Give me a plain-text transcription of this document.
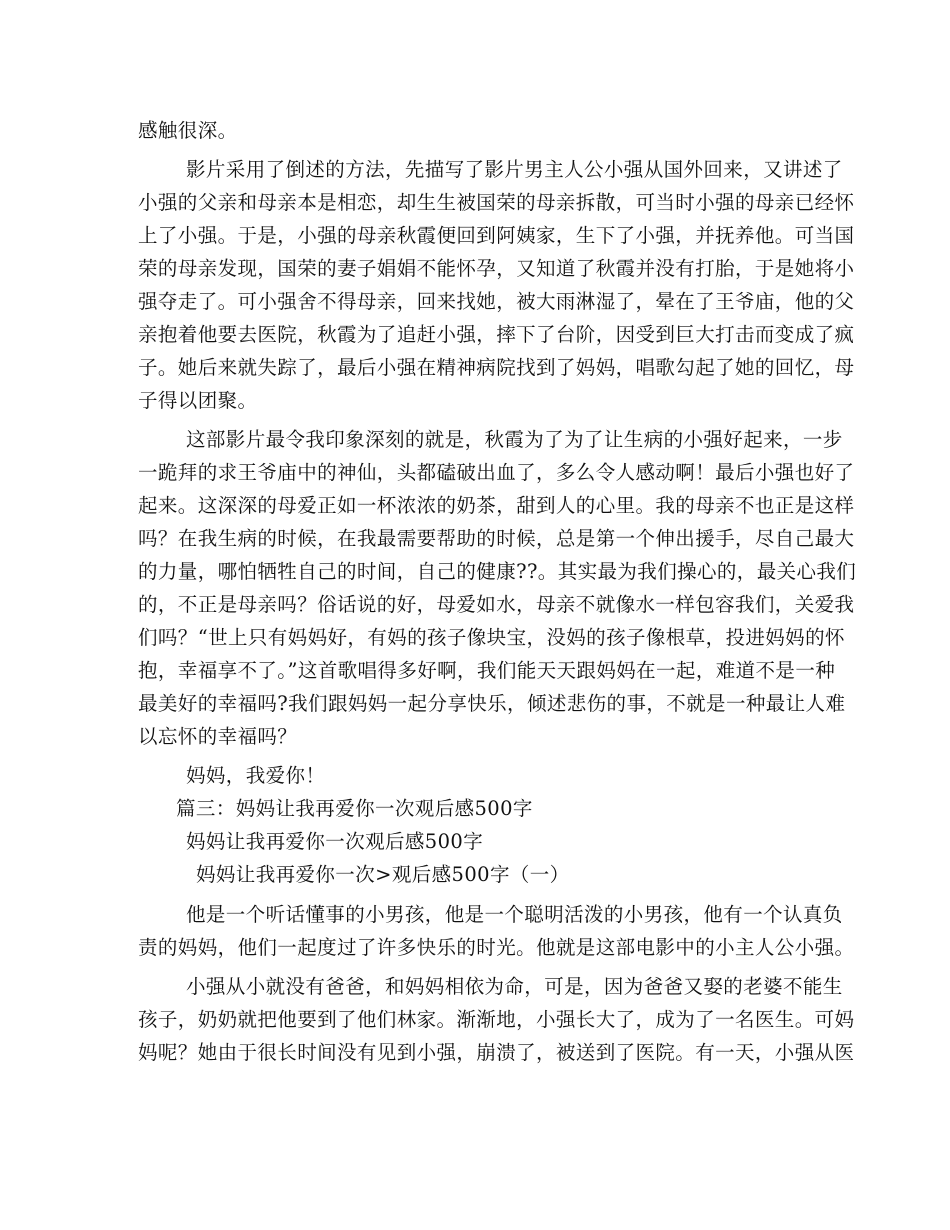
感触很深。
影片采用了倒述的方法，先描写了影片男主人公小强从国外回来，又讲述了
小强的父亲和母亲本是相恋，却生生被国荣的母亲拆散，可当时小强的母亲已经怀
上了小强。于是，小强的母亲秋霞便回到阿姨家，生下了小强，并抚养他。可当国
荣的母亲发现，国荣的妻子娟娟不能怀孕，又知道了秋霞并没有打胎，于是她将小
强夺走了。可小强舍不得母亲，回来找她，被大雨淋湿了，晕在了王爷庙，他的父
亲抱着他要去医院，秋霞为了追赶小强，摔下了台阶，因受到巨大打击而变成了疯
子。她后来就失踪了，最后小强在精神病院找到了妈妈，唱歌勾起了她的回忆，母
子得以团聚。
这部影片最令我印象深刻的就是，秋霞为了为了让生病的小强好起来，一步
一跪拜的求王爷庙中的神仙，头都磕破出血了，多么令人感动啊！最后小强也好了
起来。这深深的母爱正如一杯浓浓的奶茶，甜到人的心里。我的母亲不也正是这样
吗？在我生病的时候，在我最需要帮助的时候，总是第一个伸出援手，尽自己最大
的力量，哪怕牺牲自己的时间，自己的健康??。其实最为我们操心的，最关心我们
的，不正是母亲吗？俗话说的好，母爱如水，母亲不就像水一样包容我们，关爱我
们吗？“世上只有妈妈好，有妈的孩子像块宝，没妈的孩子像根草，投进妈妈的怀
抱，幸福享不了。”这首歌唱得多好啊，我们能天天跟妈妈在一起，难道不是一种
最美好的幸福吗?我们跟妈妈一起分享快乐，倾述悲伤的事，不就是一种最让人难
以忘怀的幸福吗？
妈妈，我爱你！
篇三：妈妈让我再爱你一次观后感500字
妈妈让我再爱你一次观后感500字
妈妈让我再爱你一次>观后感500字（一）
他是一个听话懂事的小男孩，他是一个聪明活泼的小男孩，他有一个认真负
责的妈妈，他们一起度过了许多快乐的时光。他就是这部电影中的小主人公小强。
小强从小就没有爸爸，和妈妈相依为命，可是，因为爸爸又娶的老婆不能生
孩子，奶奶就把他要到了他们林家。渐渐地，小强长大了，成为了一名医生。可妈
妈呢？她由于很长时间没有见到小强，崩溃了，被送到了医院。有一天，小强从医
